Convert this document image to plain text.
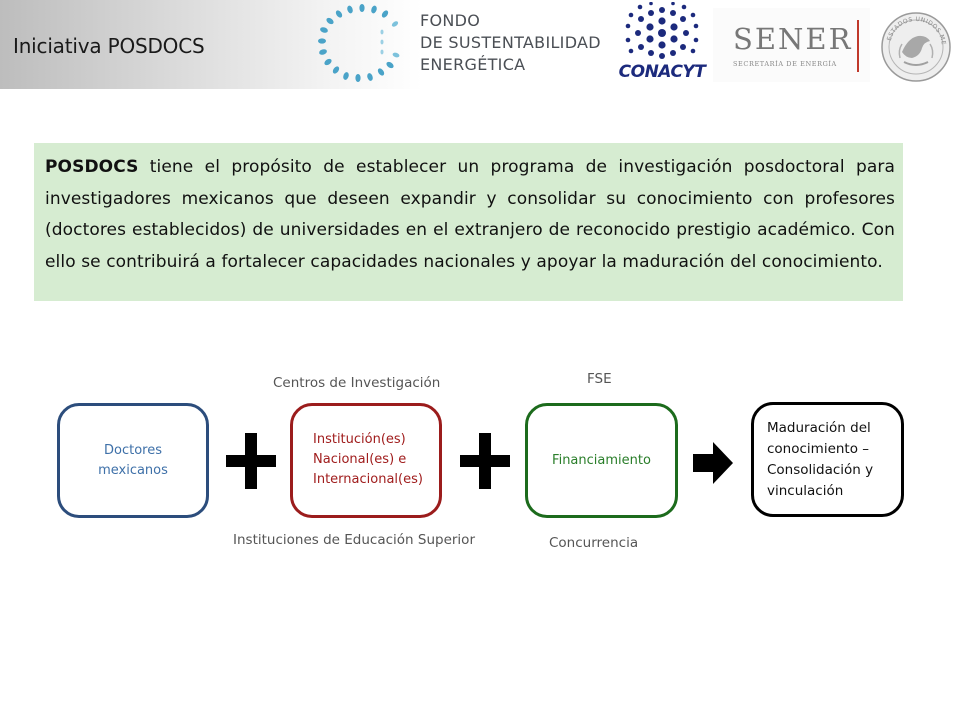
Iniciativa POSDOCS
FONDO
DE SUSTENTABILIDAD
ENERGÉTICA	CONACYT
SENER
SECRETARÍA DE ENERGÍA
ESTADOS UNIDOS ME
POSDOCS tiene el propósito de establecer un programa de investigación posdoctoral para investigadores mexicanos que deseen expandir y consolidar su conocimiento con profesores (doctores establecidos) de universidades en el extranjero de reconocido prestigio académico. Con ello se contribuirá a fortalecer capacidades nacionales y apoyar la maduración del conocimiento.
Doctores
mexicanos
Institución(es)
Nacional(es) e
Internacional(es)
Financiamiento
Maduración del
conocimiento –
Consolidación y
vinculación
Centros de Investigación
Instituciones de Educación Superior
FSE
Concurrencia
